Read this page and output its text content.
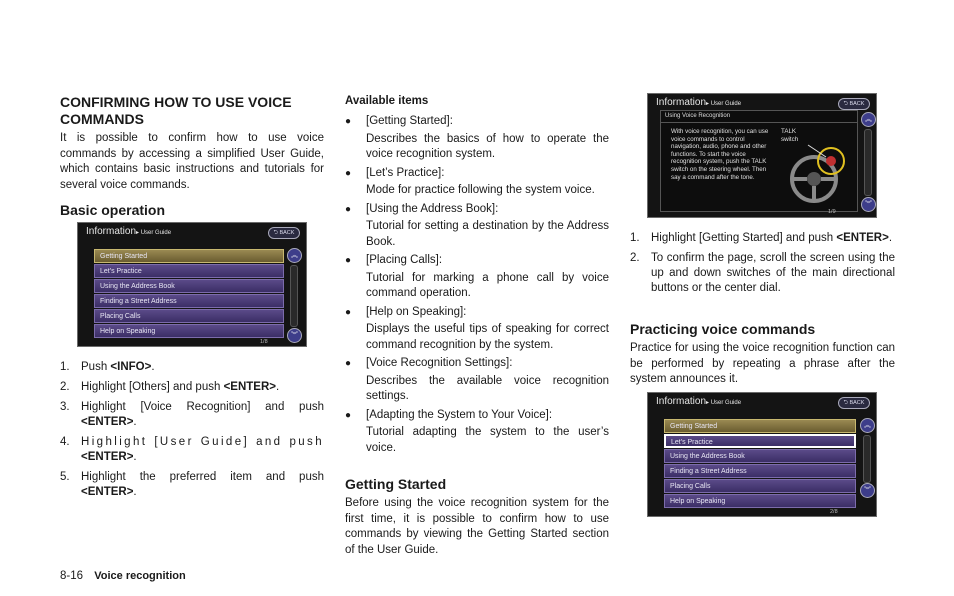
CONFIRMING HOW TO USE VOICE COMMANDS

It is possible to confirm how to use voice commands by accessing a simplified User Guide, which contains basic instructions and tutorials for several voice commands.

Basic operation
1. Push <INFO>.
2. Highlight [Others] and push <ENTER>.
3. Highlight [Voice Recognition] and push <ENTER>.
4. Highlight [User Guide] and push <ENTER>.
5. Highlight the preferred item and push <ENTER>.
Information▸ User Guide	⮌ BACK
Getting Started
Let's Practice
Using the Address Book
Finding a Street Address
Placing Calls
Help on Speaking
︽
︾
1/8

Available items

● [Getting Started]:
Describes the basics of how to operate the voice recognition system.
● [Let’s Practice]:
Mode for practice following the system voice.
● [Using the Address Book]:
Tutorial for setting a destination by the Address Book.
● [Placing Calls]:
Tutorial for marking a phone call by voice command operation.
● [Help on Speaking]:
Displays the useful tips of speaking for correct command recognition by the system.
● [Voice Recognition Settings]:
Describes the available voice recognition settings.
● [Adapting the System to Your Voice]:
Tutorial adapting the system to the user’s voice.
Getting Started

Before using the voice recognition system for the first time, it is possible to confirm how to use commands by viewing the Getting Started section of the User Guide.

Information▸ User Guide	⮌ BACK
Using Voice Recognition
With voice recognition, you can use voice commands to control navigation, audio, phone and other functions. To start the voice recognition system, push the TALK switch on the steering wheel. Then say a command after the tone.
TALK switch
︽
︾
1/9
1. Highlight [Getting Started] and push <ENTER>.
2. To confirm the page, scroll the screen using the up and down switches of the main directional buttons or the center dial.
Practicing voice commands

Practice for using the voice recognition function can be performed by repeating a phrase after the system announces it.

Information▸ User Guide	⮌ BACK
Getting Started
Let's Practice
Using the Address Book
Finding a Street Address
Placing Calls
Help on Speaking
︽
︾
2/8
8-16 Voice recognition
